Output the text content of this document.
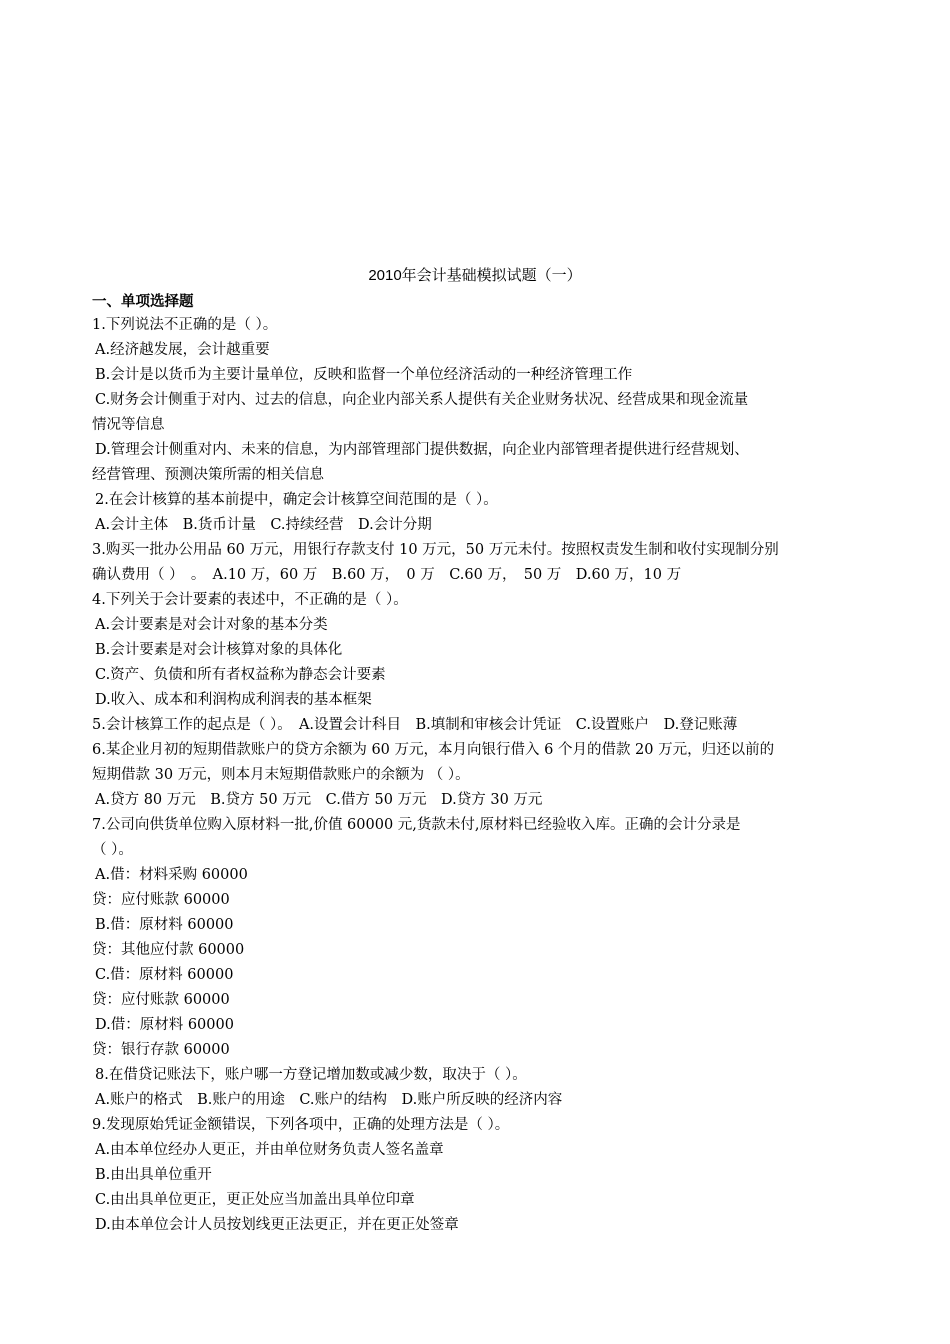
2010年会计基础模拟试题（一）
一、单项选择题
1.下列说法不正确的是（ ）。
A.经济越发展，会计越重要
B.会计是以货币为主要计量单位，反映和监督一个单位经济活动的一种经济管理工作
C.财务会计侧重于对内、过去的信息，向企业内部关系人提供有关企业财务状况、经营成果和现金流量
情况等信息
D.管理会计侧重对内、未来的信息，为内部管理部门提供数据，向企业内部管理者提供进行经营规划、
经营管理、预测决策所需的相关信息
2.在会计核算的基本前提中，确定会计核算空间范围的是（ ）。
A.会计主体　B.货币计量　C.持续经营　D.会计分期
3.购买一批办公用品 60 万元，用银行存款支付 10 万元，50 万元未付。按照权责发生制和收付实现制分别
确认费用（ ）　。　A.10 万，60 万　B.60 万，　0 万　C.60 万，　50 万　D.60 万，10 万
4.下列关于会计要素的表述中，不正确的是（ ）。
A.会计要素是对会计对象的基本分类
B.会计要素是对会计核算对象的具体化
C.资产、负债和所有者权益称为静态会计要素
D.收入、成本和利润构成利润表的基本框架
5.会计核算工作的起点是（ ）。　A.设置会计科目　B.填制和审核会计凭证　C.设置账户　D.登记账薄
6.某企业月初的短期借款账户的贷方余额为 60 万元，本月向银行借入 6 个月的借款 20 万元，归还以前的
短期借款 30 万元，则本月末短期借款账户的余额为 （ ）。
A.贷方 80 万元　B.贷方 50 万元　C.借方 50 万元　D.贷方 30 万元
7.公司向供货单位购入原材料一批,价值 60000 元,货款未付,原材料已经验收入库。正确的会计分录是
（ ）。
A.借：材料采购 60000
贷：应付账款 60000
B.借：原材料 60000
贷：其他应付款 60000
C.借：原材料 60000
贷：应付账款 60000
D.借：原材料 60000
贷：银行存款 60000
8.在借贷记账法下，账户哪一方登记增加数或减少数，取决于（ ）。
A.账户的格式　B.账户的用途　C.账户的结构　D.账户所反映的经济内容
9.发现原始凭证金额错误，下列各项中，正确的处理方法是（ ）。
A.由本单位经办人更正，并由单位财务负责人签名盖章
B.由出具单位重开
C.由出具单位更正，更正处应当加盖出具单位印章
D.由本单位会计人员按划线更正法更正，并在更正处签章
